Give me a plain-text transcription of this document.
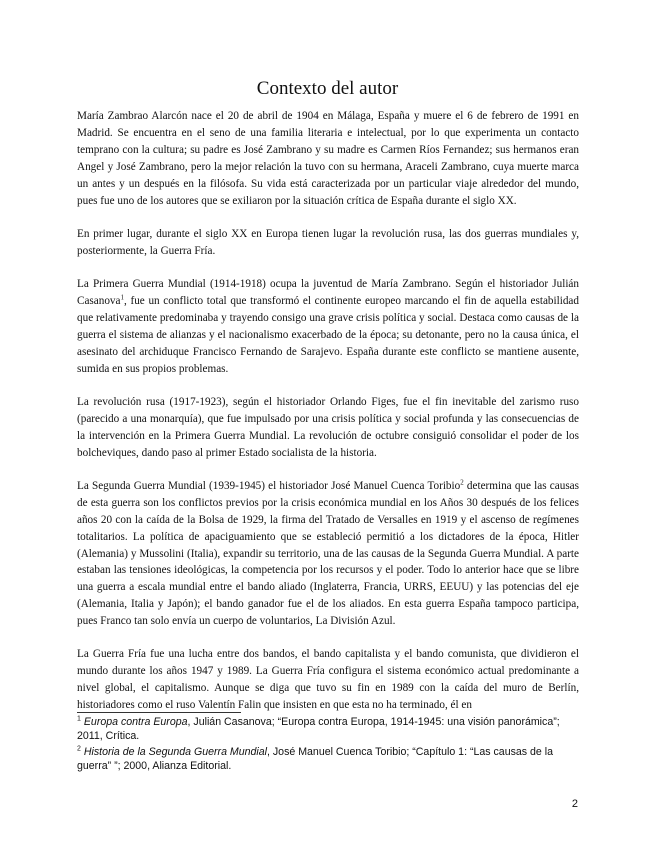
Contexto del autor

María Zambrao Alarcón nace el 20 de abril de 1904 en Málaga, España y muere el 6 de febrero de 1991 en Madrid. Se encuentra en el seno de una familia literaria e intelectual, por lo que experimenta un contacto temprano con la cultura; su padre es José Zambrano y su madre es Carmen Ríos Fernandez; sus hermanos eran Angel y José Zambrano, pero la mejor relación la tuvo con su hermana, Araceli Zambrano, cuya muerte marca un antes y un después en la filósofa. Su vida está caracterizada por un particular viaje alrededor del mundo, pues fue uno de los autores que se exiliaron por la situación crítica de España durante el siglo XX.

En primer lugar, durante el siglo XX en Europa tienen lugar la revolución rusa, las dos guerras mundiales y, posteriormente, la Guerra Fría.

La Primera Guerra Mundial (1914-1918) ocupa la juventud de María Zambrano. Según el historiador Julián Casanova$^1$, fue un conflicto total que transformó el continente europeo marcando el fin de aquella estabilidad que relativamente predominaba y trayendo consigo una grave crisis política y social. Destaca como causas de la guerra el sistema de alianzas y el nacionalismo exacerbado de la época; su detonante, pero no la causa única, el asesinato del archiduque Francisco Fernando de Sarajevo. España durante este conflicto se mantiene ausente, sumida en sus propios problemas.

La revolución rusa (1917-1923), según el historiador Orlando Figes, fue el fin inevitable del zarismo ruso (parecido a una monarquía), que fue impulsado por una crisis política y social profunda y las consecuencias de la intervención en la Primera Guerra Mundial. La revolución de octubre consiguió consolidar el poder de los bolcheviques, dando paso al primer Estado socialista de la historia.

La Segunda Guerra Mundial (1939-1945) el historiador José Manuel Cuenca Toribio$^2$ determina que las causas de esta guerra son los conflictos previos por la crisis económica mundial en los Años 30 después de los felices años 20 con la caída de la Bolsa de 1929, la firma del Tratado de Versalles en 1919 y el ascenso de regímenes totalitarios. La política de apaciguamiento que se estableció permitió a los dictadores de la época, Hitler (Alemania) y Mussolini (Italia), expandir su territorio, una de las causas de la Segunda Guerra Mundial. A parte estaban las tensiones ideológicas, la competencia por los recursos y el poder. Todo lo anterior hace que se libre una guerra a escala mundial entre el bando aliado (Inglaterra, Francia, URRS, EEUU) y las potencias del eje (Alemania, Italia y Japón); el bando ganador fue el de los aliados. En esta guerra España tampoco participa, pues Franco tan solo envía un cuerpo de voluntarios, La División Azul.

La Guerra Fría fue una lucha entre dos bandos, el bando capitalista y el bando comunista, que dividieron el mundo durante los años 1947 y 1989. La Guerra Fría configura el sistema económico actual predominante a nivel global, el capitalismo. Aunque se diga que tuvo su fin en 1989 con la caída del muro de Berlín, historiadores como el ruso Valentín Falin que insisten en que esta no ha terminado, él en

$^1$ Europa contra Europa, Julián Casanova; “Europa contra Europa, 1914-1945: una visión panorámica”; 2011, Crítica.
$^2$ Historia de la Segunda Guerra Mundial, José Manuel Cuenca Toribio; “Capítulo 1: “Las causas de la guerra” ”; 2000, Alianza Editorial.
2
